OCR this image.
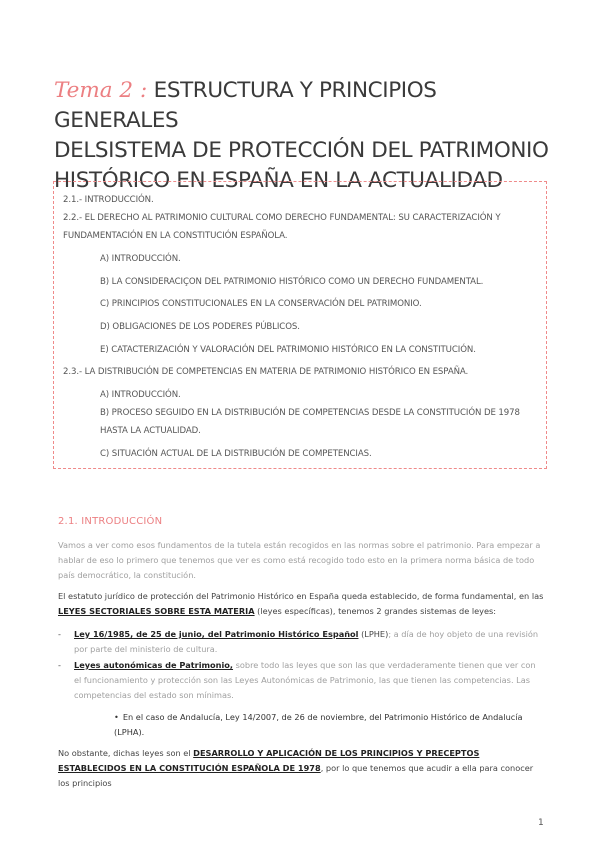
Tema 2 : ESTRUCTURA Y PRINCIPIOS GENERALES
DELSISTEMA DE PROTECCIÓN DEL PATRIMONIO
HISTÓRICO EN ESPAÑA EN LA ACTUALIDAD
2.1.- INTRODUCCIÓN.
2.2.- EL DERECHO AL PATRIMONIO CULTURAL COMO DERECHO FUNDAMENTAL: SU CARACTERIZACIÓN Y FUNDAMENTACIÓN EN LA CONSTITUCIÓN ESPAÑOLA.
A) INTRODUCCIÓN.
B) LA CONSIDERACIÇON DEL PATRIMONIO HISTÓRICO COMO UN DERECHO FUNDAMENTAL.
C) PRINCIPIOS CONSTITUCIONALES EN LA CONSERVACIÓN DEL PATRIMONIO.
D) OBLIGACIONES DE LOS PODERES PÚBLICOS.
E) CATACTERIZACIÓN Y VALORACIÓN DEL PATRIMONIO HISTÓRICO EN LA CONSTITUCIÓN.
2.3.- LA DISTRIBUCIÓN DE COMPETENCIAS EN MATERIA DE PATRIMONIO HISTÓRICO EN ESPAÑA.
A) INTRODUCCIÓN.
B) PROCESO SEGUIDO EN LA DISTRIBUCIÓN DE COMPETENCIAS DESDE LA CONSTITUCIÓN DE 1978 HASTA LA ACTUALIDAD.
C) SITUACIÓN ACTUAL DE LA DISTRIBUCIÓN DE COMPETENCIAS.
2.1. INTRODUCCIÓN
Vamos a ver como esos fundamentos de la tutela están recogidos en las normas sobre el patrimonio. Para empezar a hablar de eso lo primero que tenemos que ver es como está recogido todo esto en la primera norma básica de todo país democrático, la constitución.
El estatuto jurídico de protección del Patrimonio Histórico en España queda establecido, de forma fundamental, en las LEYES SECTORIALES SOBRE ESTA MATERIA (leyes específicas), tenemos 2 grandes sistemas de leyes:
- Ley 16/1985, de 25 de junio, del Patrimonio Histórico Español (LPHE); a día de hoy objeto de una revisión por parte del ministerio de cultura.
- Leyes autonómicas de Patrimonio, sobre todo las leyes que son las que verdaderamente tienen que ver con el funcionamiento y protección son las Leyes Autonómicas de Patrimonio, las que tienen las competencias. Las competencias del estado son mínimas.
• En el caso de Andalucía, Ley 14/2007, de 26 de noviembre, del Patrimonio Histórico de Andalucía (LPHA).
No obstante, dichas leyes son el DESARROLLO Y APLICACIÓN DE LOS PRINCIPIOS Y PRECEPTOS ESTABLECIDOS EN LA CONSTITUCIÓN ESPAÑOLA DE 1978, por lo que tenemos que acudir a ella para conocer los principios
1
